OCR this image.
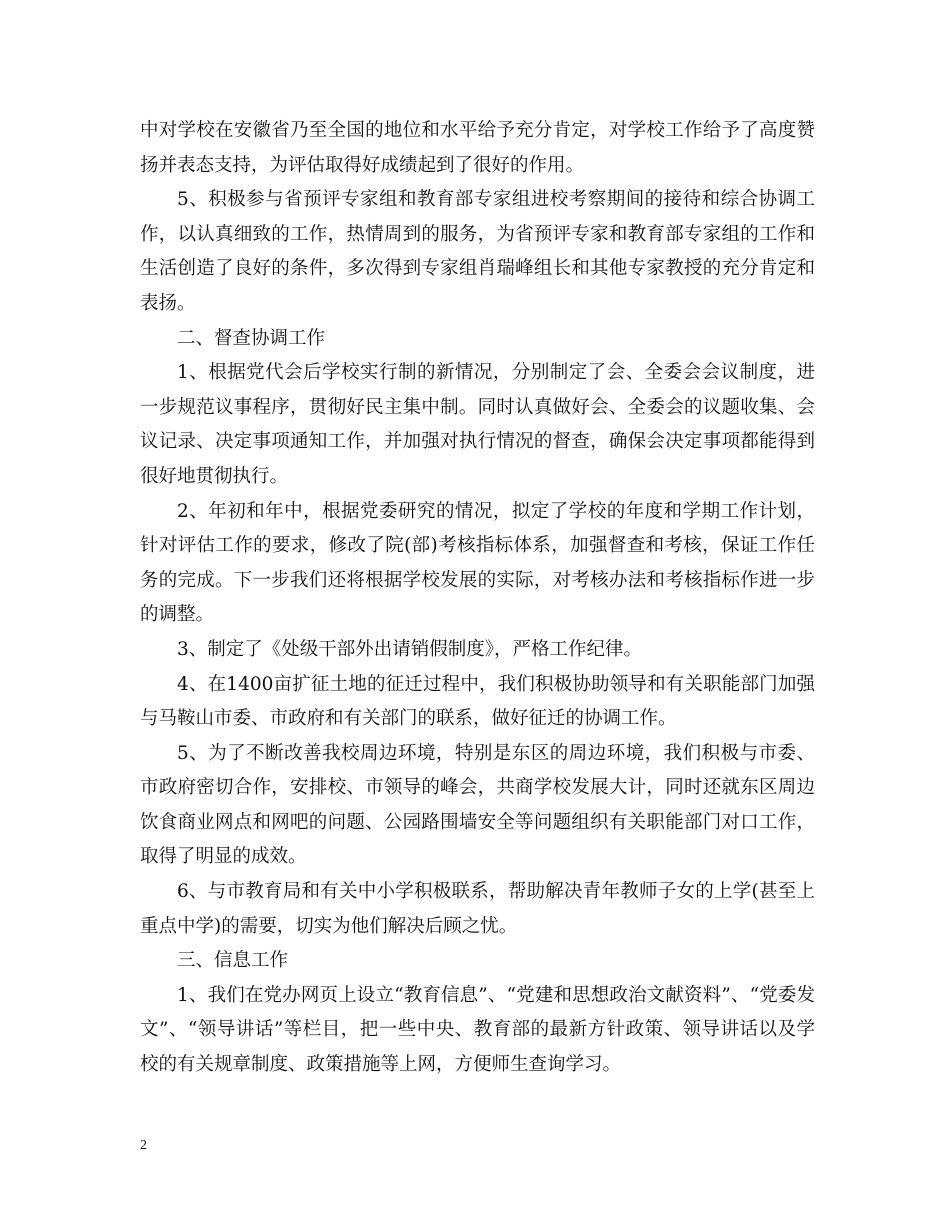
中对学校在安徽省乃至全国的地位和水平给予充分肯定，对学校工作给予了高度赞扬并表态支持，为评估取得好成绩起到了很好的作用。

5、积极参与省预评专家组和教育部专家组进校考察期间的接待和综合协调工作，以认真细致的工作，热情周到的服务，为省预评专家和教育部专家组的工作和生活创造了良好的条件，多次得到专家组肖瑞峰组长和其他专家教授的充分肯定和表扬。

二、督查协调工作

1、根据党代会后学校实行制的新情况，分别制定了会、全委会会议制度，进一步规范议事程序，贯彻好民主集中制。同时认真做好会、全委会的议题收集、会议记录、决定事项通知工作，并加强对执行情况的督查，确保会决定事项都能得到很好地贯彻执行。

2、年初和年中，根据党委研究的情况，拟定了学校的年度和学期工作计划，针对评估工作的要求，修改了院(部)考核指标体系，加强督查和考核，保证工作任务的完成。下一步我们还将根据学校发展的实际，对考核办法和考核指标作进一步的调整。

3、制定了《处级干部外出请销假制度》，严格工作纪律。

4、在1400亩扩征土地的征迁过程中，我们积极协助领导和有关职能部门加强与马鞍山市委、市政府和有关部门的联系，做好征迁的协调工作。

5、为了不断改善我校周边环境，特别是东区的周边环境，我们积极与市委、市政府密切合作，安排校、市领导的峰会，共商学校发展大计，同时还就东区周边饮食商业网点和网吧的问题、公园路围墙安全等问题组织有关职能部门对口工作，取得了明显的成效。

6、与市教育局和有关中小学积极联系，帮助解决青年教师子女的上学(甚至上重点中学)的需要，切实为他们解决后顾之忧。

三、信息工作

1、我们在党办网页上设立“教育信息”、“党建和思想政治文献资料”、“党委发文”、“领导讲话”等栏目，把一些中央、教育部的最新方针政策、领导讲话以及学校的有关规章制度、政策措施等上网，方便师生查询学习。

2
